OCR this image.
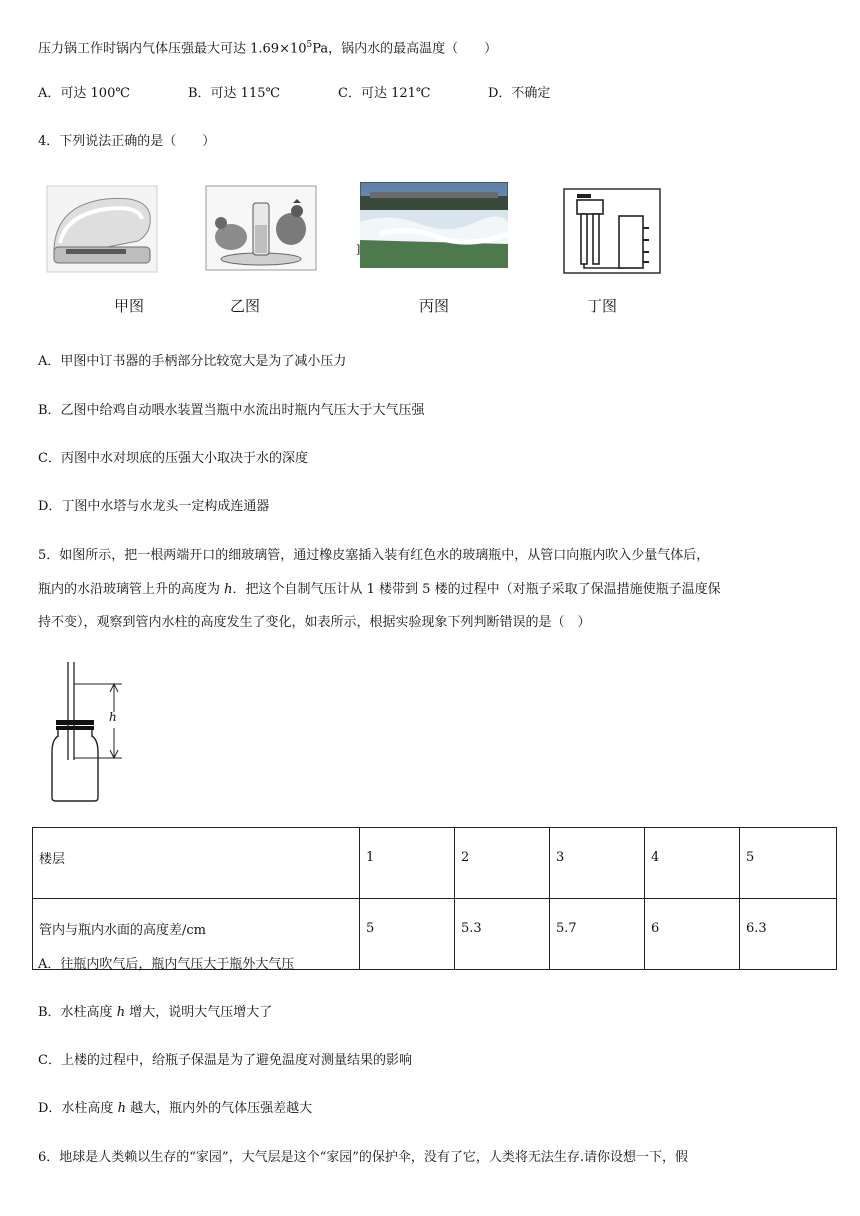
压力锅工作时锅内气体压强最大可达 $1.69\times 10^5Pa$，锅内水的最高温度（　　）
A．可达 100℃	B．可达 115℃	C．可达 121℃	D．不确定
4．下列说法正确的是（　　）
]
甲图	乙图	丙图	丁图
A．甲图中订书器的手柄部分比较宽大是为了减小压力
B．乙图中给鸡自动喂水装置当瓶中水流出时瓶内气压大于大气压强
C．丙图中水对坝底的压强大小取决于水的深度
D．丁图中水塔与水龙头一定构成连通器
5．如图所示，把一根两端开口的细玻璃管，通过橡皮塞插入装有红色水的玻璃瓶中，从管口向瓶内吹入少量气体后，
瓶内的水沿玻璃管上升的高度为 h．把这个自制气压计从 1 楼带到 5 楼的过程中（对瓶子采取了保温措施使瓶子温度保
持不变），观察到管内水柱的高度发生了变化，如表所示，根据实验现象下列判断错误的是（　）
h
楼层	1	2	3	4	5
管内与瓶内水面的高度差/cm	5	5.3	5.7	6	6.3
A．往瓶内吹气后，瓶内气压大于瓶外大气压
B．水柱高度 h 增大，说明大气压增大了
C．上楼的过程中，给瓶子保温是为了避免温度对测量结果的影响
D．水柱高度 h 越大，瓶内外的气体压强差越大
6．地球是人类赖以生存的“家园”，大气层是这个“家园”的保护伞，没有了它，人类将无法生存.请你设想一下，假
